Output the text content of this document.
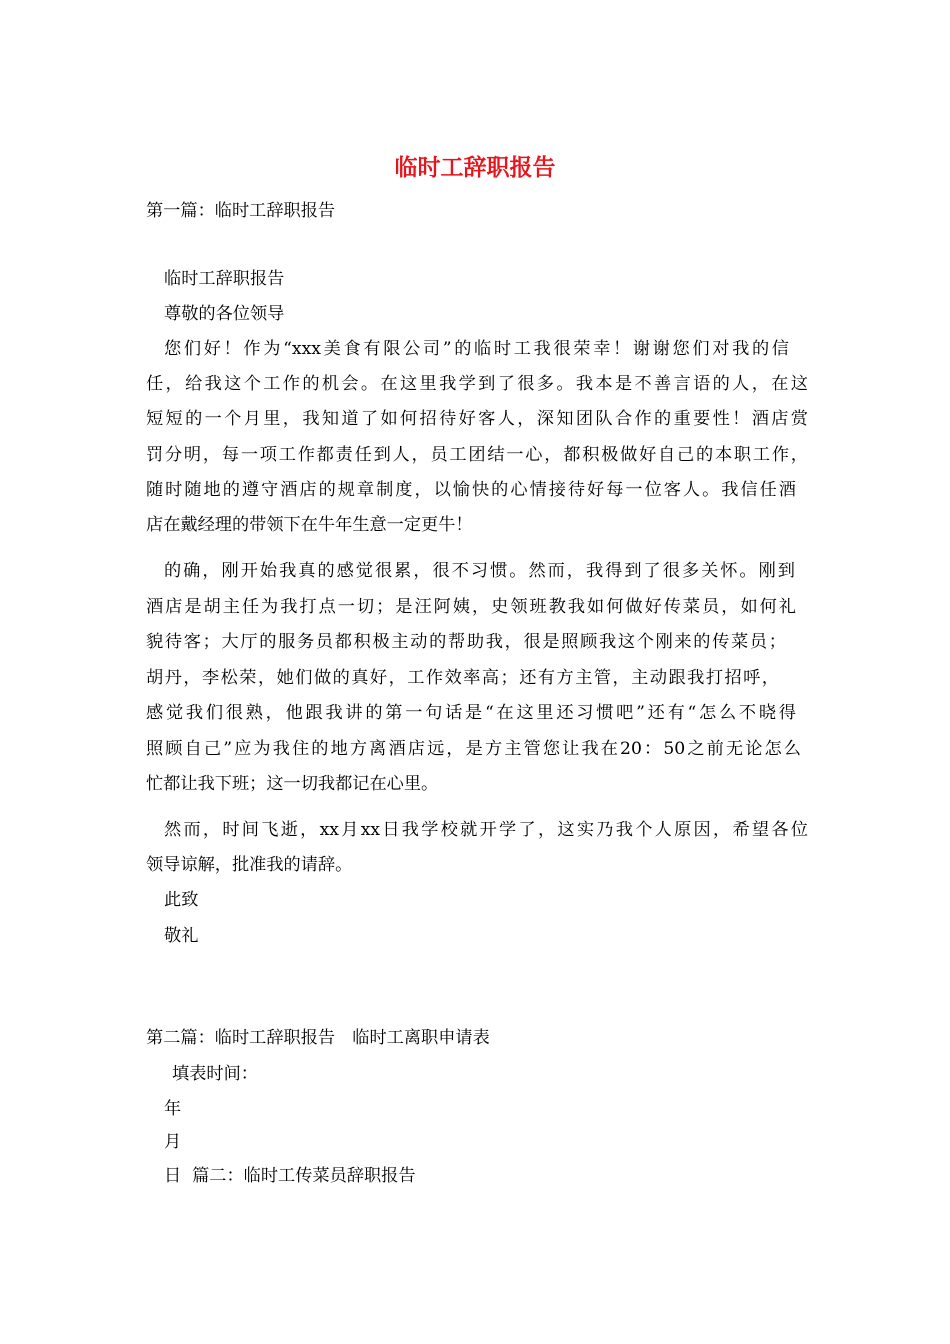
临时工辞职报告
第一篇：临时工辞职报告
临时工辞职报告
尊敬的各位领导
您们好！作为“xxx美食有限公司”的临时工我很荣幸！谢谢您们对我的信
任，给我这个工作的机会。在这里我学到了很多。我本是不善言语的人，在这
短短的一个月里，我知道了如何招待好客人，深知团队合作的重要性！酒店赏
罚分明，每一项工作都责任到人，员工团结一心，都积极做好自己的本职工作，
随时随地的遵守酒店的规章制度，以愉快的心情接待好每一位客人。我信任酒
店在戴经理的带领下在牛年生意一定更牛！
的确，刚开始我真的感觉很累，很不习惯。然而，我得到了很多关怀。刚到
酒店是胡主任为我打点一切；是汪阿姨，史领班教我如何做好传菜员，如何礼
貌待客；大厅的服务员都积极主动的帮助我，很是照顾我这个刚来的传菜员；
胡丹，李松荣，她们做的真好，工作效率高；还有方主管，主动跟我打招呼，
感觉我们很熟，他跟我讲的第一句话是“在这里还习惯吧”还有“怎么不晓得
照顾自己”应为我住的地方离酒店远，是方主管您让我在20：50之前无论怎么
忙都让我下班；这一切我都记在心里。
然而，时间飞逝，xx月xx日我学校就开学了，这实乃我个人原因，希望各位
领导谅解，批准我的请辞。
此致
敬礼
第二篇：临时工辞职报告　临时工离职申请表
填表时间：
年
月
日  篇二：临时工传菜员辞职报告
